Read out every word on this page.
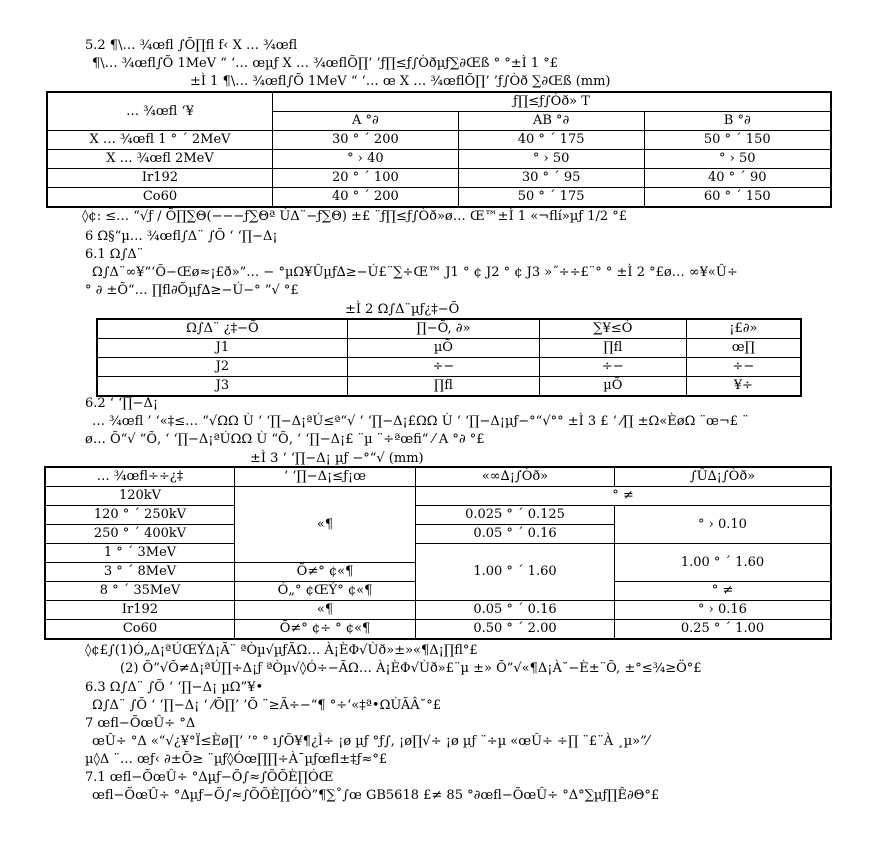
5.2 ¶\… ¾œfl ∫Õ∏fl f‹ X … ¾œfl
¶\… ¾œfl∫Õ 1MeV “ ‘… œµƒ X … ¾œflÕ∏’ ’ƒ∏≤ƒ∫Òðµƒ∑∂Œß ° °±Ì 1 °£
±Ì 1 ¶\… ¾œfl∫Õ 1MeV “ ‘… œ X … ¾œflÕ∏’ ’ƒ∫Òð ∑∂Œß (mm)
… ¾œfl ‘¥	ƒ∏≤ƒ∫Òð» T		
	A °∂	AB °∂	B °∂
X … ¾œfl 1 ° ´ 2MeV	30 ° ´ 200	40 ° ´ 175	50 ° ´ 150
X … ¾œfl 2MeV	° › 40	° › 50	° › 50
Ir192	20 ° ´ 100	30 ° ´ 95	40 ° ´ 90
Co60	40 ° ´ 200	50 ° ´ 175	60 ° ´ 150
◊¢: ≤… “√ƒ ∕ Õ∏∑Θ(−−−ƒ∑Θª ÚΔ¨−ƒ∑Θ) ±£ ¨ƒ∏≤ƒ∫Òð»ø… Œ™±Ì 1 «¬flí»µƒ 1/2 °£
6 Ω§“µ… ¾œfl∫Δ¨ ∫Õ ‘ ‘∏−Δ¡
6.1 Ω∫Δ¨
Ω∫Δ¨∞¥“‘Õ−Œø≈¡£ð»”… − °µΩ¥Ûµƒ∆≥−Ú£¨∑÷Œ™ J1 ° ¢ J2 ° ¢ J3 »˝÷÷£¨° ° ±Ì 2 °£ø… ∞¥«Û÷
° ∂ ±Õ“… ∏fl∂Õµƒ∆≥−Ú−° ”√ °£
±Ì 2 Ω∫Δ¨µƒ¿‡−Õ
Ω∫Δ¨ ¿‡−Õ	∏−Õ, ∂»	∑¥≤Ó	¡£∂»
J1	µÕ	∏fl	œ∏
J2	÷−	÷−	÷−
J3	∏fl	µÕ	¥÷
6.2 ‘ ‘∏−Δ¡
… ¾œfl ’ ‘«‡≤… “√ΩΩ Ù ‘ ‘∏−Δ¡ªÚ≤ª“√ ‘ ‘∏−Δ¡£ΩΩ Ù ‘ ‘∏−Δ¡µƒ−°“√°° ±Ì 3 £ ‘ ⁄∏ ±Ω«ÈøΩ ¨œ¬£ ¨
ø… Õ“√ “Õ‚ ‘ ‘∏−Δ¡ªÚΩΩ Ù “Õ‚ ‘ ‘∏−Δ¡£ ¨µ ¨÷ªœfi“ ⁄ A °∂ °£
±Ì 3 ‘ ‘∏−Δ¡ µƒ −°“√ (mm)
… ¾œfl÷÷¿‡	‘ ‘∏−Δ¡≤ƒ¡œ	«∞∆¡∫Òð»	∫Û∆¡∫Òð»
120kV	«¶	° ≠	
120 ° ´ 250kV		0.025 ° ´ 0.125	° › 0.10
250 ° ´ 400kV		0.05 ° ´ 0.16	
1 ° ´ 3MeV		1.00 ° ´ 1.60	1.00 ° ´ 1.60
3 ° ´ 8MeV	Õ≠° ¢«¶		
8 ° ´ 35MeV	Ó„° ¢ŒÝ° ¢«¶		° ≠
Ir192	«¶	0.05 ° ´ 0.16	° › 0.16
Co60	Õ≠° ¢÷ ° ¢«¶	0.50 ° ´ 2.00	0.25 ° ´ 1.00
◊¢£∫(1)Ó„Δ¡ªÚŒÝΔ¡Ã¨ ªÒµ√µƒÃΩ… À¡ÈΦ√Ùð»±»«¶Δ¡∏fl°£
(2) Õ”√Õ≠Δ¡ªÚ∏÷Δ¡ƒ ªÒµ√◊Ó÷−ÃΩ… À¡ÈΦ√Ùð»£¨µ ±» Õ”√«¶Δ¡À˘−È±¨Õ, ±°≤¾≥Ö°£
6.3 Ω∫Δ¨ ∫Õ ‘ ‘∏−Δ¡ µΩ”¥•
Ω∫Δ¨ ∫Õ ‘ ‘∏−Δ¡ ‘ ⁄Õ∏’ ’Õ ¨≥Ã÷−“¶ °÷‘«‡ª•ΩÙÃÂ˘°£
7 œfl−ÕœÛ÷ °Δ
œÛ÷ °Δ «“√¿¥°Ï≤Èø∏’ ’° ° ı∫Õ¥¶¿Ì÷ ¡ø µƒ °ƒ∫, ¡ø∏√÷ ¡ø µƒ ¨÷µ «œÛ÷ ÷∏ ¨£¨À ¸µ»”⁄
µ◊Δ ¨… œƒ‹ ∂±Õ≥ ¨µƒ◊Óœ∏∏÷À¯µƒœfl±‡ƒ≈°£
7.1 œfl−ÕœÛ÷ °Δµƒ−Õ∫≈∫ÕÕÈ∏ÓŒ
œfl−ÕœÛ÷ °Δµƒ−Õ∫≈∫ÕÕÈ∏ÓÒ”¶∑˚∫œ GB5618 £≠ 85 °∂œfl−ÕœÛ÷ °Δ°∑µƒ∏Ê∂Θ°£
